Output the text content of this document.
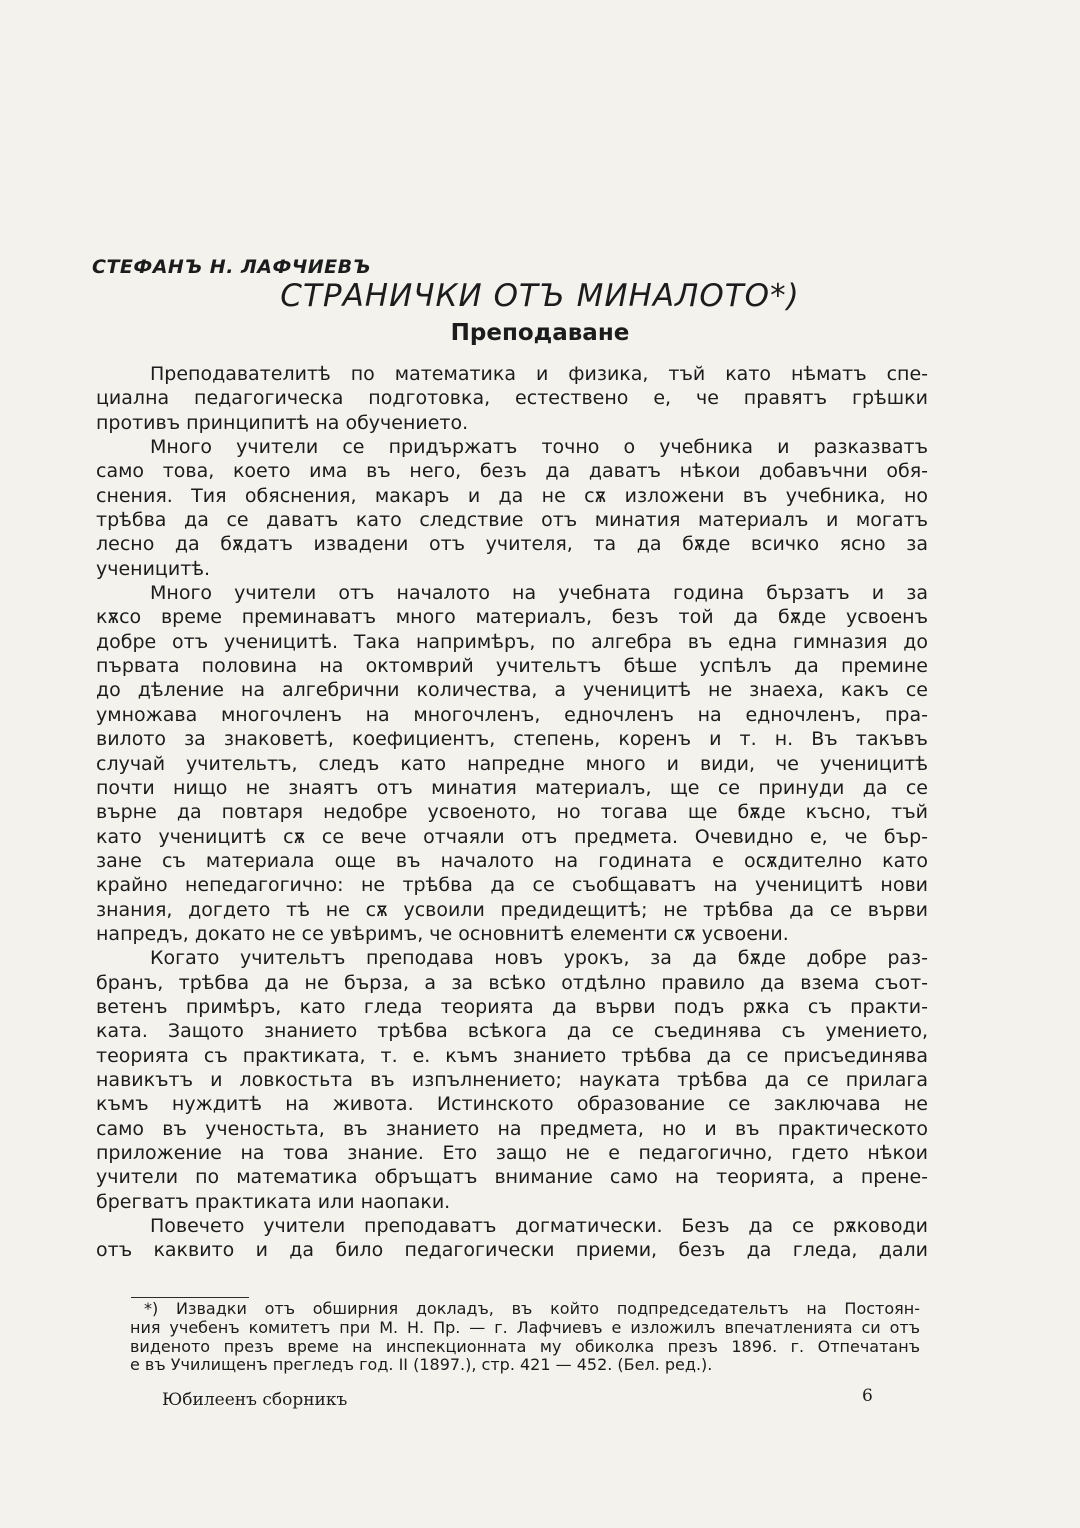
СТЕФАНЪ Н. ЛАФЧИЕВЪ
СТРАНИЧКИ ОТЪ МИНАЛОТО*)
Преподаване
Преподавателитѣ по математика и физика, тъй като нѣматъ спе-
циална педагогическа подготовка, естествено е, че правятъ грѣшки
противъ принципитѣ на обучението.
Много учители се придържатъ точно о учебника и разказватъ
само това, което има въ него, безъ да даватъ нѣкои добавъчни обя-
снения. Тия обяснения, макаръ и да не сѫ изложени въ учебника, но
трѣбва да се даватъ като следствие отъ минатия материалъ и могатъ
лесно да бѫдатъ извадени отъ учителя, та да бѫде всичко ясно за
ученицитѣ.
Много учители отъ началото на учебната година бързатъ и за
кѫсо време преминаватъ много материалъ, безъ той да бѫде усвоенъ
добре отъ ученицитѣ. Така напримѣръ, по алгебра въ една гимназия до
първата половина на октомврий учительтъ бѣше успѣлъ да премине
до дѣление на алгебрични количества, а ученицитѣ не знаеха, какъ се
умножава многочленъ на многочленъ, едночленъ на едночленъ, пра-
вилото за знаковетѣ, коефициентъ, степень, коренъ и т. н. Въ такъвъ
случай учительтъ, следъ като напредне много и види, че ученицитѣ
почти нищо не знаятъ отъ минатия материалъ, ще се принуди да се
върне да повтаря недобре усвоеното, но тогава ще бѫде късно, тъй
като ученицитѣ сѫ се вече отчаяли отъ предмета. Очевидно е, че бър-
зане съ материала още въ началото на годината е осѫдително като
крайно непедагогично: не трѣбва да се съобщаватъ на ученицитѣ нови
знания, догдето тѣ не сѫ усвоили предидещитѣ; не трѣбва да се върви
напредъ, докато не се увѣримъ, че основнитѣ елементи сѫ усвоени.
Когато учительтъ преподава новъ урокъ, за да бѫде добре раз-
бранъ, трѣбва да не бърза, а за всѣко отдѣлно правило да взема съот-
ветенъ примѣръ, като гледа теорията да върви подъ рѫка съ практи-
ката. Защото знанието трѣбва всѣкога да се съединява съ умението,
теорията съ практиката, т. е. къмъ знанието трѣбва да се присъединява
навикътъ и ловкостьта въ изпълнението; науката трѣбва да се прилага
къмъ нуждитѣ на живота. Истинското образование се заключава не
само въ ученостьта, въ знанието на предмета, но и въ практическото
приложение на това знание. Ето защо не е педагогично, гдето нѣкои
учители по математика обръщатъ внимание само на теорията, а прене-
брегватъ практиката или наопаки.
Повечето учители преподаватъ догматически. Безъ да се рѫководи
отъ каквито и да било педагогически приеми, безъ да гледа, дали
*) Извадки отъ обширния докладъ, въ който подпредседательтъ на Постоян-
ния учебенъ комитетъ при М. Н. Пр. — г. Лафчиевъ е изложилъ впечатленията си отъ
виденото презъ време на инспекционната му обиколка презъ 1896. г. Отпечатанъ
е въ Училищенъ прегледъ год. II (1897.), стр. 421 — 452. (Бел. ред.).
Юбилеенъ сборникъ	6
